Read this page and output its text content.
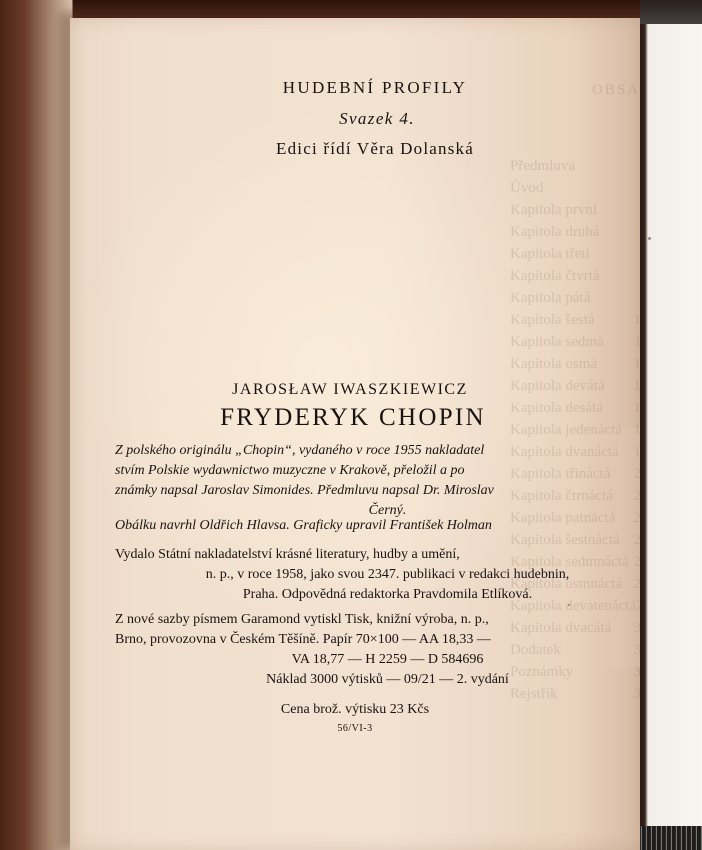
OBSAH
Předmluva
Úvod
Kapitola první
Kapitola druhá
Kapitola třetí
Kapitola čtvrtá
Kapitola pátá
Kapitola šestá
Kapitola sedmá
Kapitola osmá
Kapitola devátá
Kapitola desátá
Kapitola jedenáctá
Kapitola dvanáctá
Kapitola třináctá
Kapitola čtrnáctá
Kapitola patnáctá
Kapitola šestnáctá
Kapitola sedmnáctá
Kapitola osmnáctá
Kapitola devatenáctá
Kapitola dvacátá
Dodatek
Poznámky
Rejstřík
HUDEBNÍ PROFILY
Svazek 4.
Edici řídí Věra Dolanská
JAROSŁAW IWASZKIEWICZ
FRYDERYK CHOPIN
Z polského originálu „Chopin“, vydaného v roce 1955 nakladatel
stvím Polskie wydawnictwo muzyczne v Krakově, přeložil a po
známky napsal Jaroslav Simonides. Předmluvu napsal Dr. Miroslav
Černý.
Obálku navrhl Oldřich Hlavsa. Graficky upravil František Holman
Vydalo Státní nakladatelství krásné literatury, hudby a umění,
n. p., v roce 1958, jako svou 2347. publikaci v redakci hudebnin,
Praha. Odpovědná redaktorka Pravdomila Etlíková.
Z nové sazby písmem Garamond vytiskl Tisk, knižní výroba, n. p.,
Brno, provozovna v Českém Těšíně. Papír 70×100 — AA 18,33 —
VA 18,77 — H 2259 — D 584696
Náklad 3000 výtisků — 09/21 — 2. vydání
Cena brož. výtisku 23 Kčs
56/VI-3
